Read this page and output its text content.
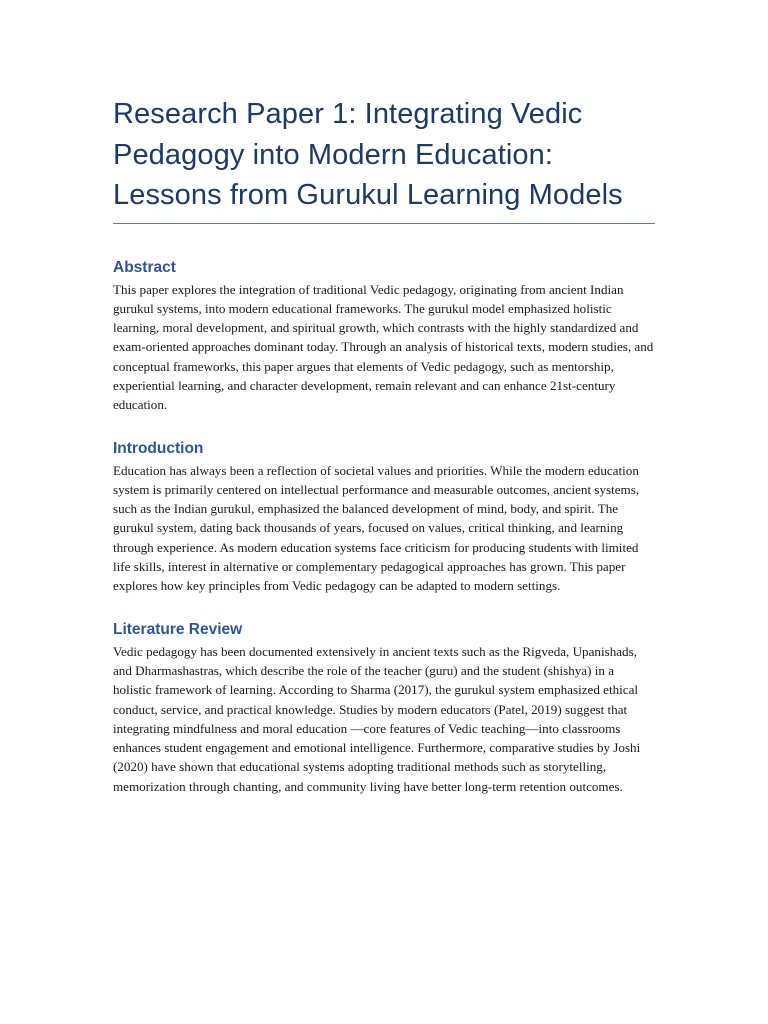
Research Paper 1: Integrating Vedic Pedagogy into Modern Education: Lessons from Gurukul Learning Models
Abstract

This paper explores the integration of traditional Vedic pedagogy, originating from ancient Indian gurukul systems, into modern educational frameworks. The gurukul model emphasized holistic learning, moral development, and spiritual growth, which contrasts with the highly standardized and exam-oriented approaches dominant today. Through an analysis of historical texts, modern studies, and conceptual frameworks, this paper argues that elements of Vedic pedagogy, such as mentorship, experiential learning, and character development, remain relevant and can enhance 21st-century education.

Introduction

Education has always been a reflection of societal values and priorities. While the modern education system is primarily centered on intellectual performance and measurable outcomes, ancient systems, such as the Indian gurukul, emphasized the balanced development of mind, body, and spirit. The gurukul system, dating back thousands of years, focused on values, critical thinking, and learning through experience. As modern education systems face criticism for producing students with limited life skills, interest in alternative or complementary pedagogical approaches has grown. This paper explores how key principles from Vedic pedagogy can be adapted to modern settings.

Literature Review

Vedic pedagogy has been documented extensively in ancient texts such as the Rigveda, Upanishads, and Dharmashastras, which describe the role of the teacher (guru) and the student (shishya) in a holistic framework of learning. According to Sharma (2017), the gurukul system emphasized ethical conduct, service, and practical knowledge. Studies by modern educators (Patel, 2019) suggest that integrating mindfulness and moral education —core features of Vedic teaching—into classrooms enhances student engagement and emotional intelligence. Furthermore, comparative studies by Joshi (2020) have shown that educational systems adopting traditional methods such as storytelling, memorization through chanting, and community living have better long-term retention outcomes.
